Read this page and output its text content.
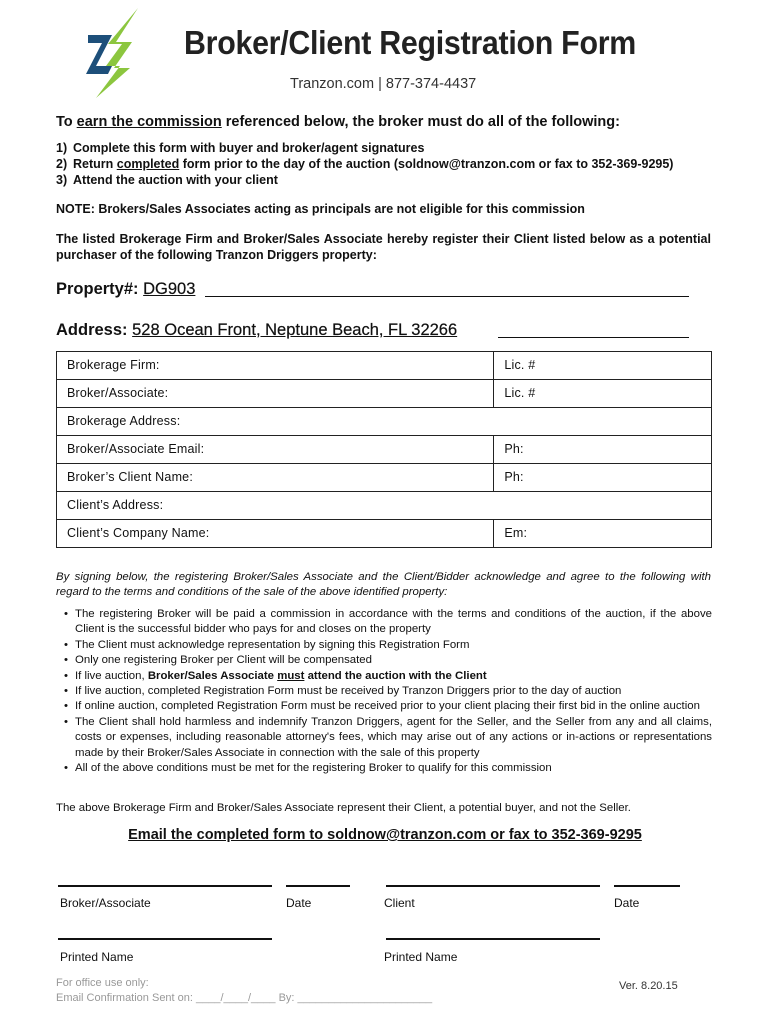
Broker/Client Registration Form
Tranzon.com | 877-374-4437
To earn the commission referenced below, the broker must do all of the following:
1) Complete this form with buyer and broker/agent signatures
2) Return completed form prior to the day of the auction (soldnow@tranzon.com or fax to 352-369-9295)
3) Attend the auction with your client
NOTE: Brokers/Sales Associates acting as principals are not eligible for this commission
The listed Brokerage Firm and Broker/Sales Associate hereby register their Client listed below as a potential purchaser of the following Tranzon Driggers property:
Property#: DG903
Address: 528 Ocean Front, Neptune Beach, FL 32266
Brokerage Firm:	Lic. #
Broker/Associate:	Lic. #
Brokerage Address:	
Broker/Associate Email:	Ph:
Broker’s Client Name:	Ph:
Client’s Address:	
Client’s Company Name:	Em:
By signing below, the registering Broker/Sales Associate and the Client/Bidder acknowledge and agree to the following with regard to the terms and conditions of the sale of the above identified property:
• The registering Broker will be paid a commission in accordance with the terms and conditions of the auction, if the above Client is the successful bidder who pays for and closes on the property
• The Client must acknowledge representation by signing this Registration Form
• Only one registering Broker per Client will be compensated
• If live auction, Broker/Sales Associate must attend the auction with the Client
• If live auction, completed Registration Form must be received by Tranzon Driggers prior to the day of auction
• If online auction, completed Registration Form must be received prior to your client placing their first bid in the online auction
• The Client shall hold harmless and indemnify Tranzon Driggers, agent for the Seller, and the Seller from any and all claims, costs or expenses, including reasonable attorney's fees, which may arise out of any actions or in-actions or representations made by their Broker/Sales Associate in connection with the sale of this property
• All of the above conditions must be met for the registering Broker to qualify for this commission
The above Brokerage Firm and Broker/Sales Associate represent their Client, a potential buyer, and not the Seller.
Email the completed form to soldnow@tranzon.com or fax to 352-369-9295
Broker/Associate	Date	Client	Date
Printed Name	Printed Name
For office use only:
Email Confirmation Sent on: ____/____/____ By: ______________________
Ver. 8.20.15
